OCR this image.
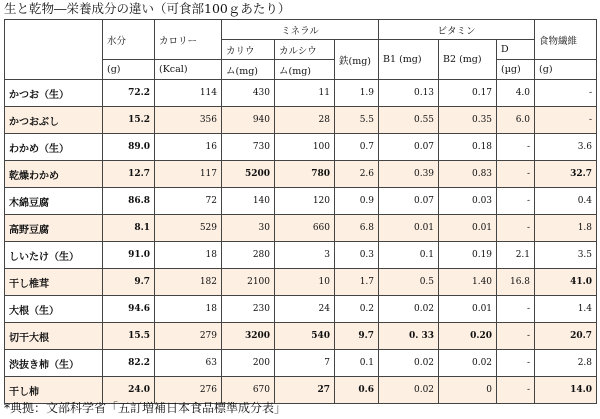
生と乾物―栄養成分の違い（可食部100ｇあたり）
	水分	カロリー	ミネラル			ビタミン			食物繊維
			カリウ	カルシウ	鉄(mg)	B1 (mg)	B2 (mg)	D	
	(g)	(Kcal)	ム(mg)	ム(mg)				(µg)	(g)
かつお（生）	72.2	114	430	11	1.9	0.13	0.17	4.0	-
かつおぶし	15.2	356	940	28	5.5	0.55	0.35	6.0	-
わかめ（生）	89.0	16	730	100	0.7	0.07	0.18	-	3.6
乾燥わかめ	12.7	117	5200	780	2.6	0.39	0.83	-	32.7
木綿豆腐	86.8	72	140	120	0.9	0.07	0.03	-	0.4
高野豆腐	8.1	529	30	660	6.8	0.01	0.01	-	1.8
しいたけ（生）	91.0	18	280	3	0.3	0.1	0.19	2.1	3.5
干し椎茸	9.7	182	2100	10	1.7	0.5	1.40	16.8	41.0
大根（生）	94.6	18	230	24	0.2	0.02	0.01	-	1.4
切干大根	15.5	279	3200	540	9.7	0. 33	0.20	-	20.7
渋抜き柿（生）	82.2	63	200	7	0.1	0.02	0.02	-	2.8
干し柿	24.0	276	670	27	0.6	0.02	0	-	14.0
*典拠：文部科学省「五訂増補日本食品標準成分表」
